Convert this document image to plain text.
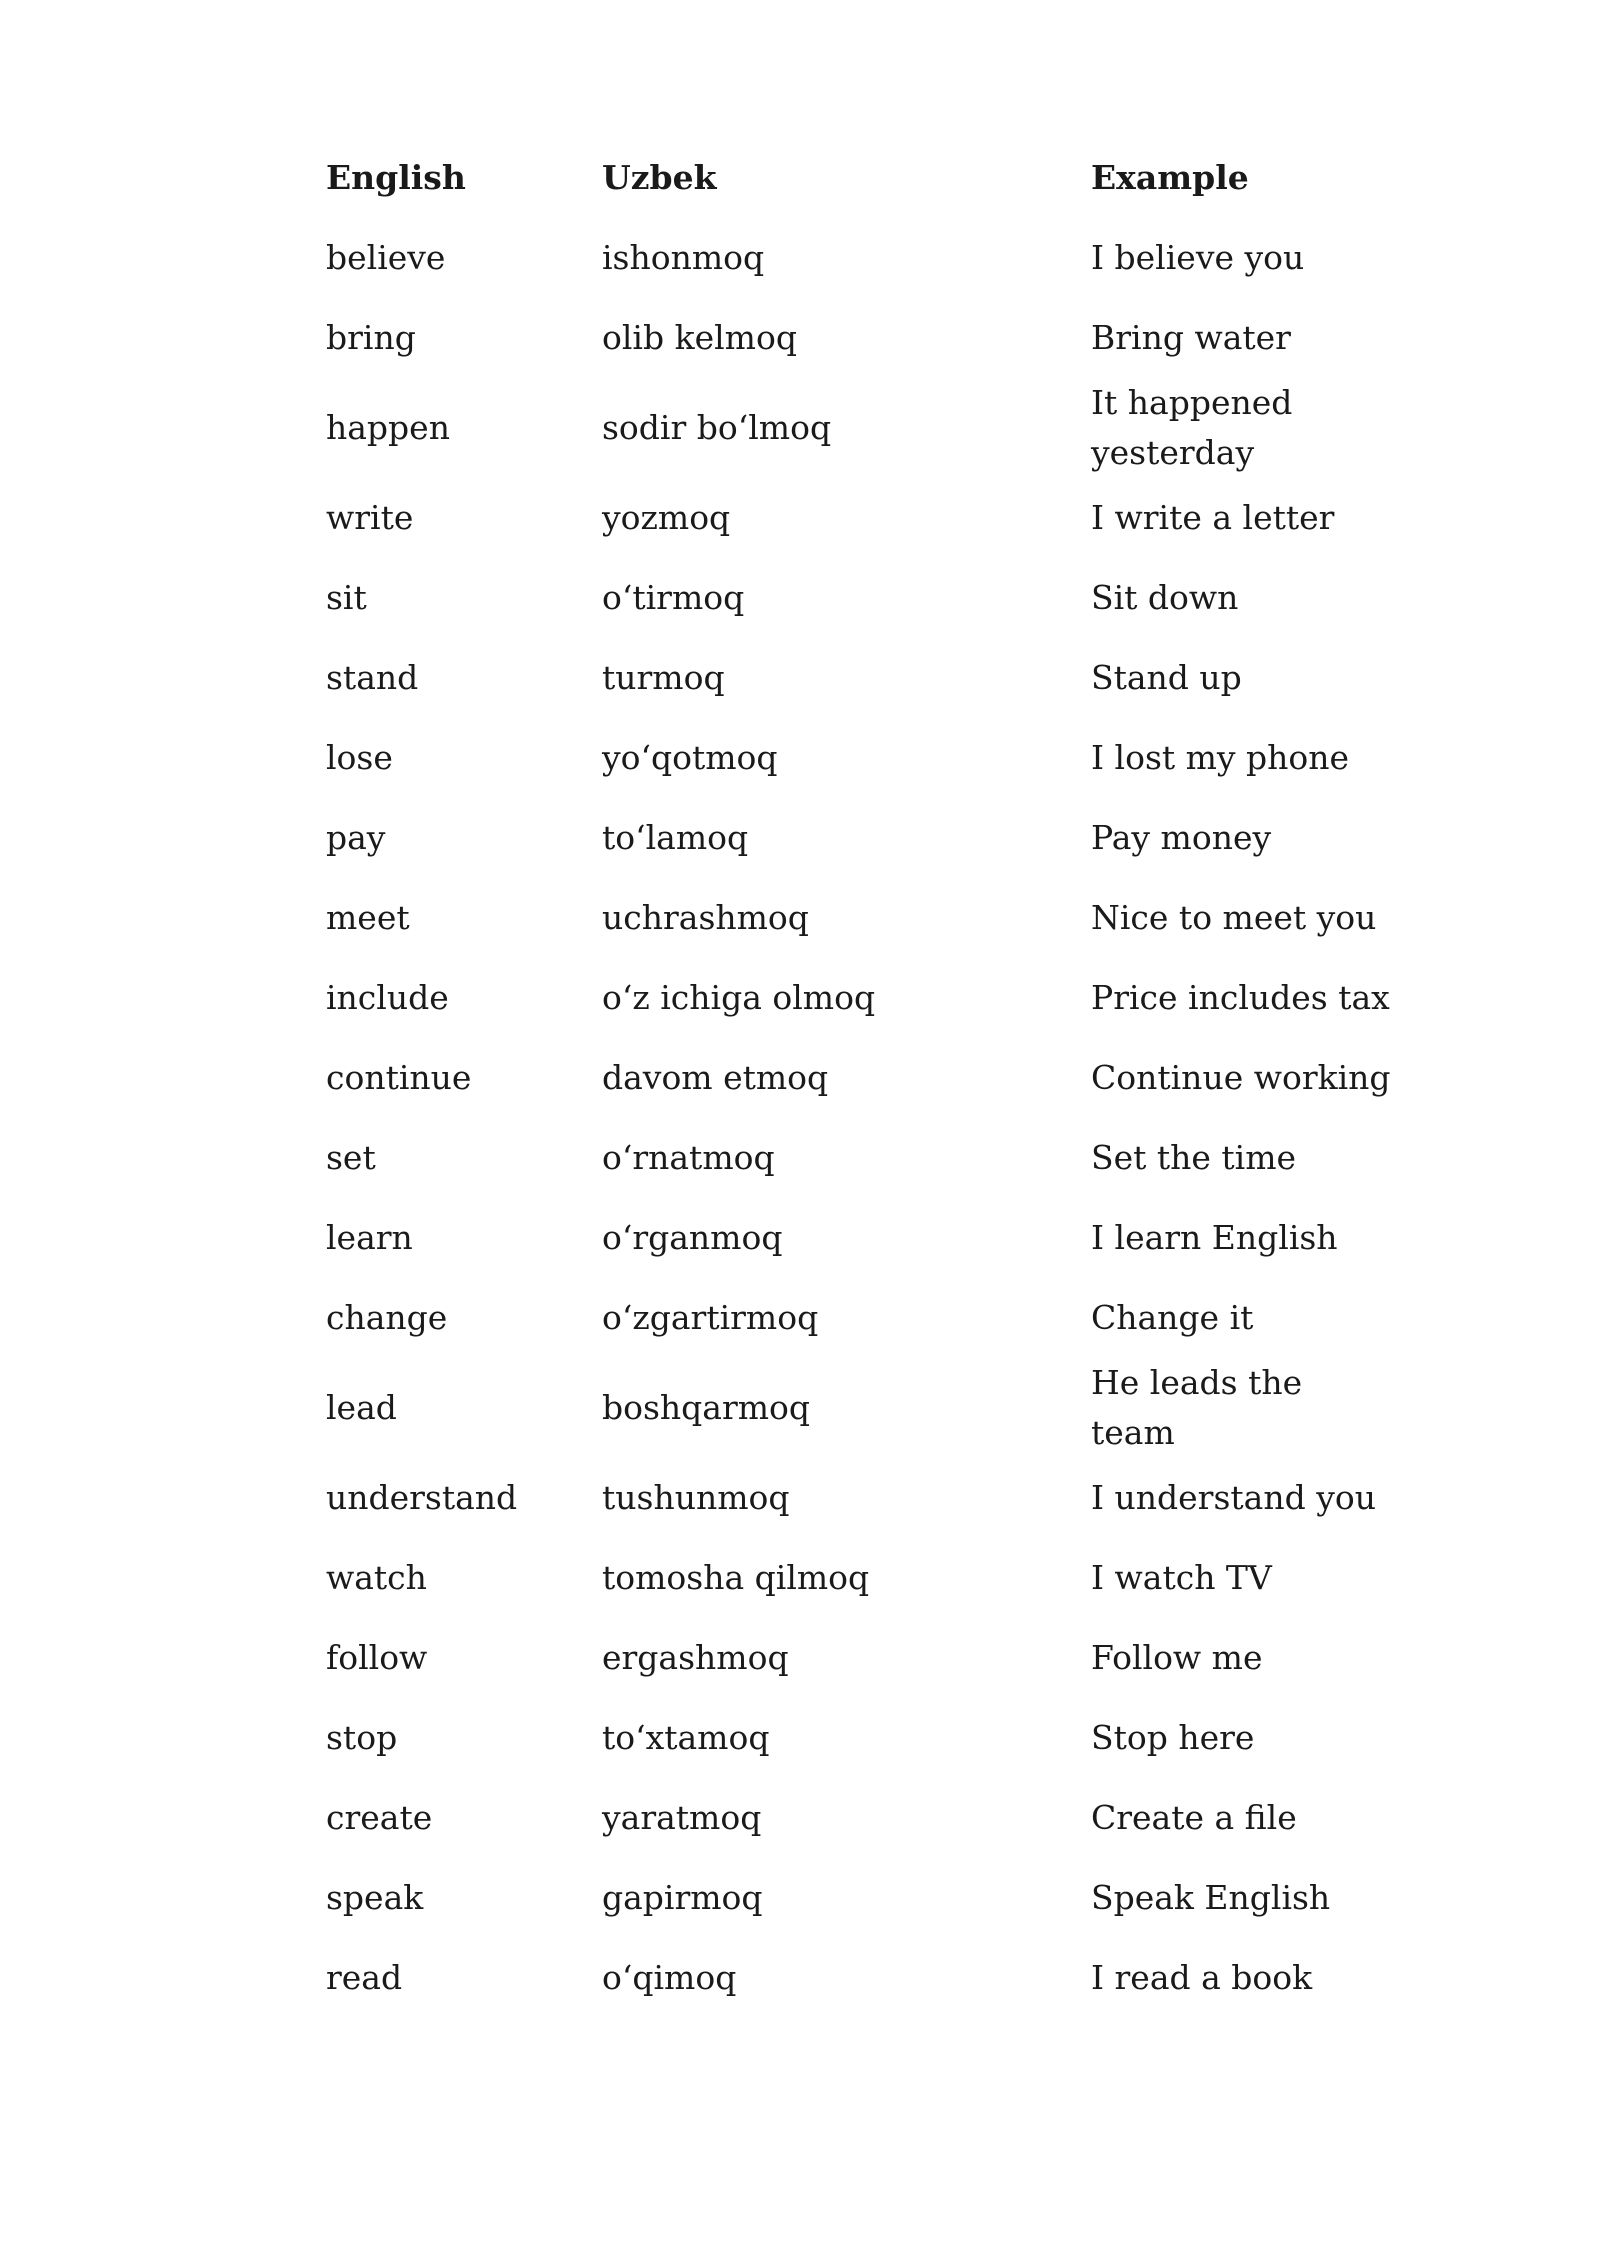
English	Uzbek	Example
believe	ishonmoq	I believe you
bring	olib kelmoq	Bring water
happen	sodir bo‘lmoq	It happened yesterday
write	yozmoq	I write a letter
sit	o‘tirmoq	Sit down
stand	turmoq	Stand up
lose	yo‘qotmoq	I lost my phone
pay	to‘lamoq	Pay money
meet	uchrashmoq	Nice to meet you
include	o‘z ichiga olmoq	Price includes tax
continue	davom etmoq	Continue working
set	o‘rnatmoq	Set the time
learn	o‘rganmoq	I learn English
change	o‘zgartirmoq	Change it
lead	boshqarmoq	He leads the team
understand	tushunmoq	I understand you
watch	tomosha qilmoq	I watch TV
follow	ergashmoq	Follow me
stop	to‘xtamoq	Stop here
create	yaratmoq	Create a file
speak	gapirmoq	Speak English
read	o‘qimoq	I read a book
